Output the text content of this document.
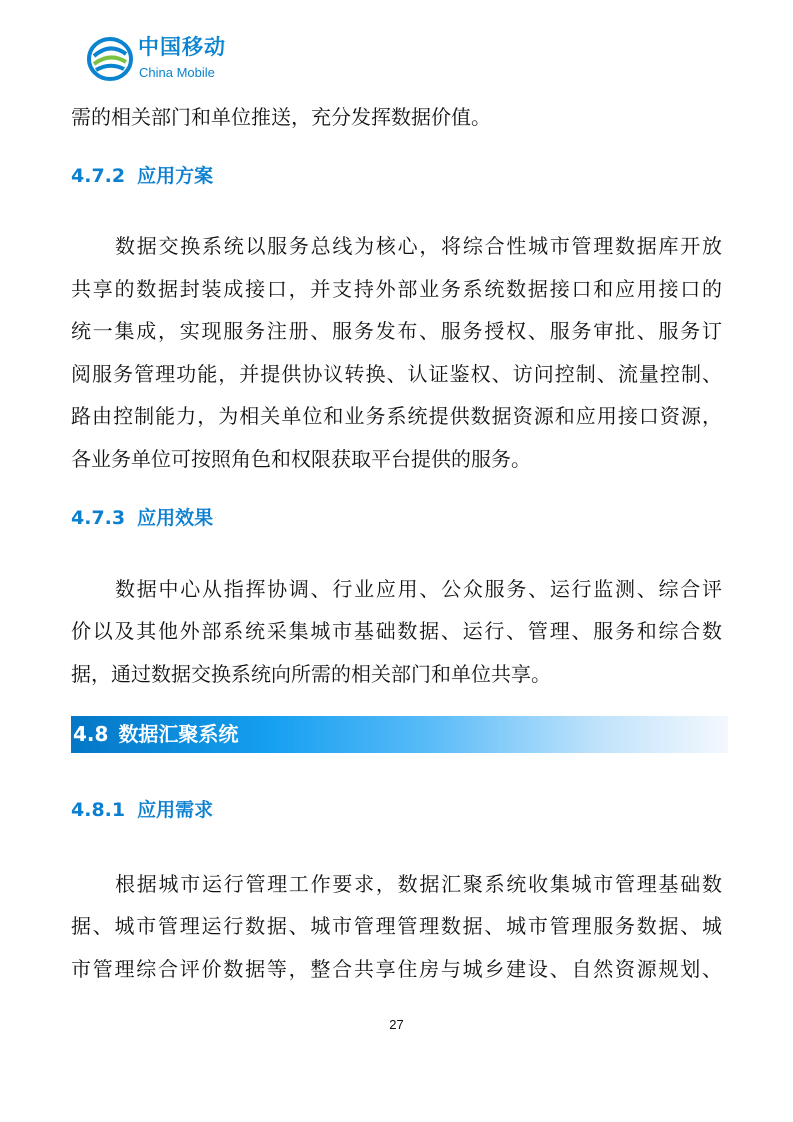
中国移动
China Mobile
需的相关部门和单位推送，充分发挥数据价值。
4.7.2 应用方案
数据交换系统以服务总线为核心，将综合性城市管理数据库开放
共享的数据封装成接口，并支持外部业务系统数据接口和应用接口的
统一集成，实现服务注册、服务发布、服务授权、服务审批、服务订
阅服务管理功能，并提供协议转换、认证鉴权、访问控制、流量控制、
路由控制能力，为相关单位和业务系统提供数据资源和应用接口资源，
各业务单位可按照角色和权限获取平台提供的服务。
4.7.3 应用效果
数据中心从指挥协调、行业应用、公众服务、运行监测、综合评
价以及其他外部系统采集城市基础数据、运行、管理、服务和综合数
据，通过数据交换系统向所需的相关部门和单位共享。
4.8 数据汇聚系统
4.8.1 应用需求
根据城市运行管理工作要求，数据汇聚系统收集城市管理基础数
据、城市管理运行数据、城市管理管理数据、城市管理服务数据、城
市管理综合评价数据等，整合共享住房与城乡建设、自然资源规划、
27
